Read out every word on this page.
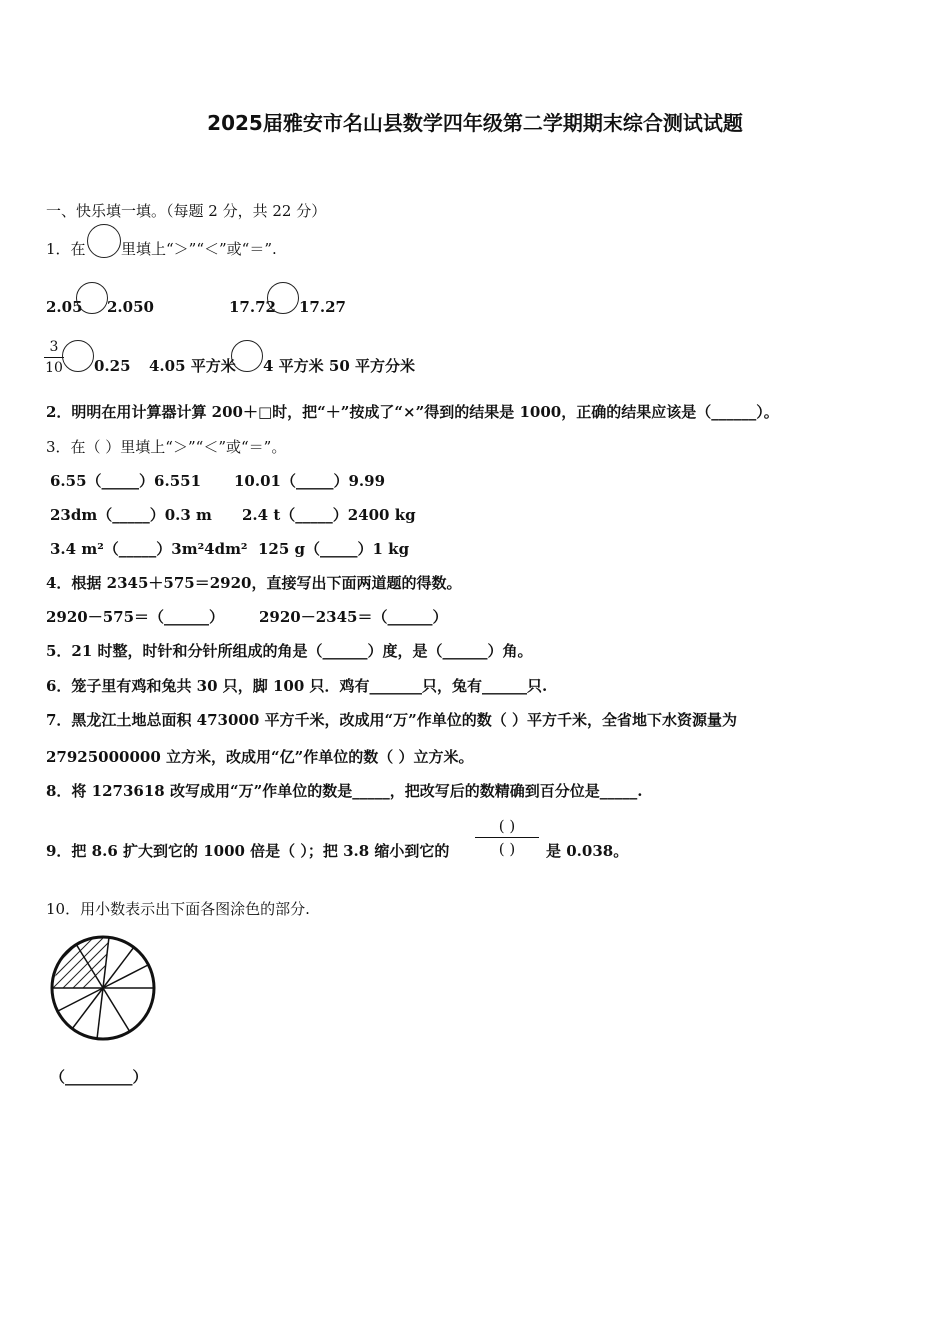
2025届雅安市名山县数学四年级第二学期期末综合测试试题
一、快乐填一填。（每题 2 分，共 22 分）
1．在 里填上“＞”“＜”或“＝”.
2.05 2.050	17.72 17.27
3
10 0.25 4.05 平方米 4 平方米 50 平方分米
2．明明在用计算器计算 200＋□时，把“＋”按成了“×”得到的结果是 1000，正确的结果应该是（______）。
3．在（ ）里填上“＞”“＜”或“＝”。
6.55（_____）6.551 10.01（_____）9.99
23dm（_____）0.3 m 2.4 t（_____）2400 kg
3.4 m²（_____）3m²4dm² 125 g（_____）1 kg
4．根据 2345＋575＝2920，直接写出下面两道题的得数。
2920－575＝（______） 2920－2345＝（______）
5．21 时整，时针和分针所组成的角是（______）度，是（______）角。
6．笼子里有鸡和兔共 30 只，脚 100 只．鸡有_______只，兔有______只.
7．黑龙江土地总面积 473000 平方千米，改成用“万”作单位的数（ ）平方千米，全省地下水资源量为
27925000000 立方米，改成用“亿”作单位的数（ ）立方米。
8．将 1273618 改写成用“万”作单位的数是_____，把改写后的数精确到百分位是_____.
9．把 8.6 扩大到它的 1000 倍是（ ）；把 3.8 缩小到它的
( )
( )	是 0.038。
10．用小数表示出下面各图涂色的部分.
（_________）
